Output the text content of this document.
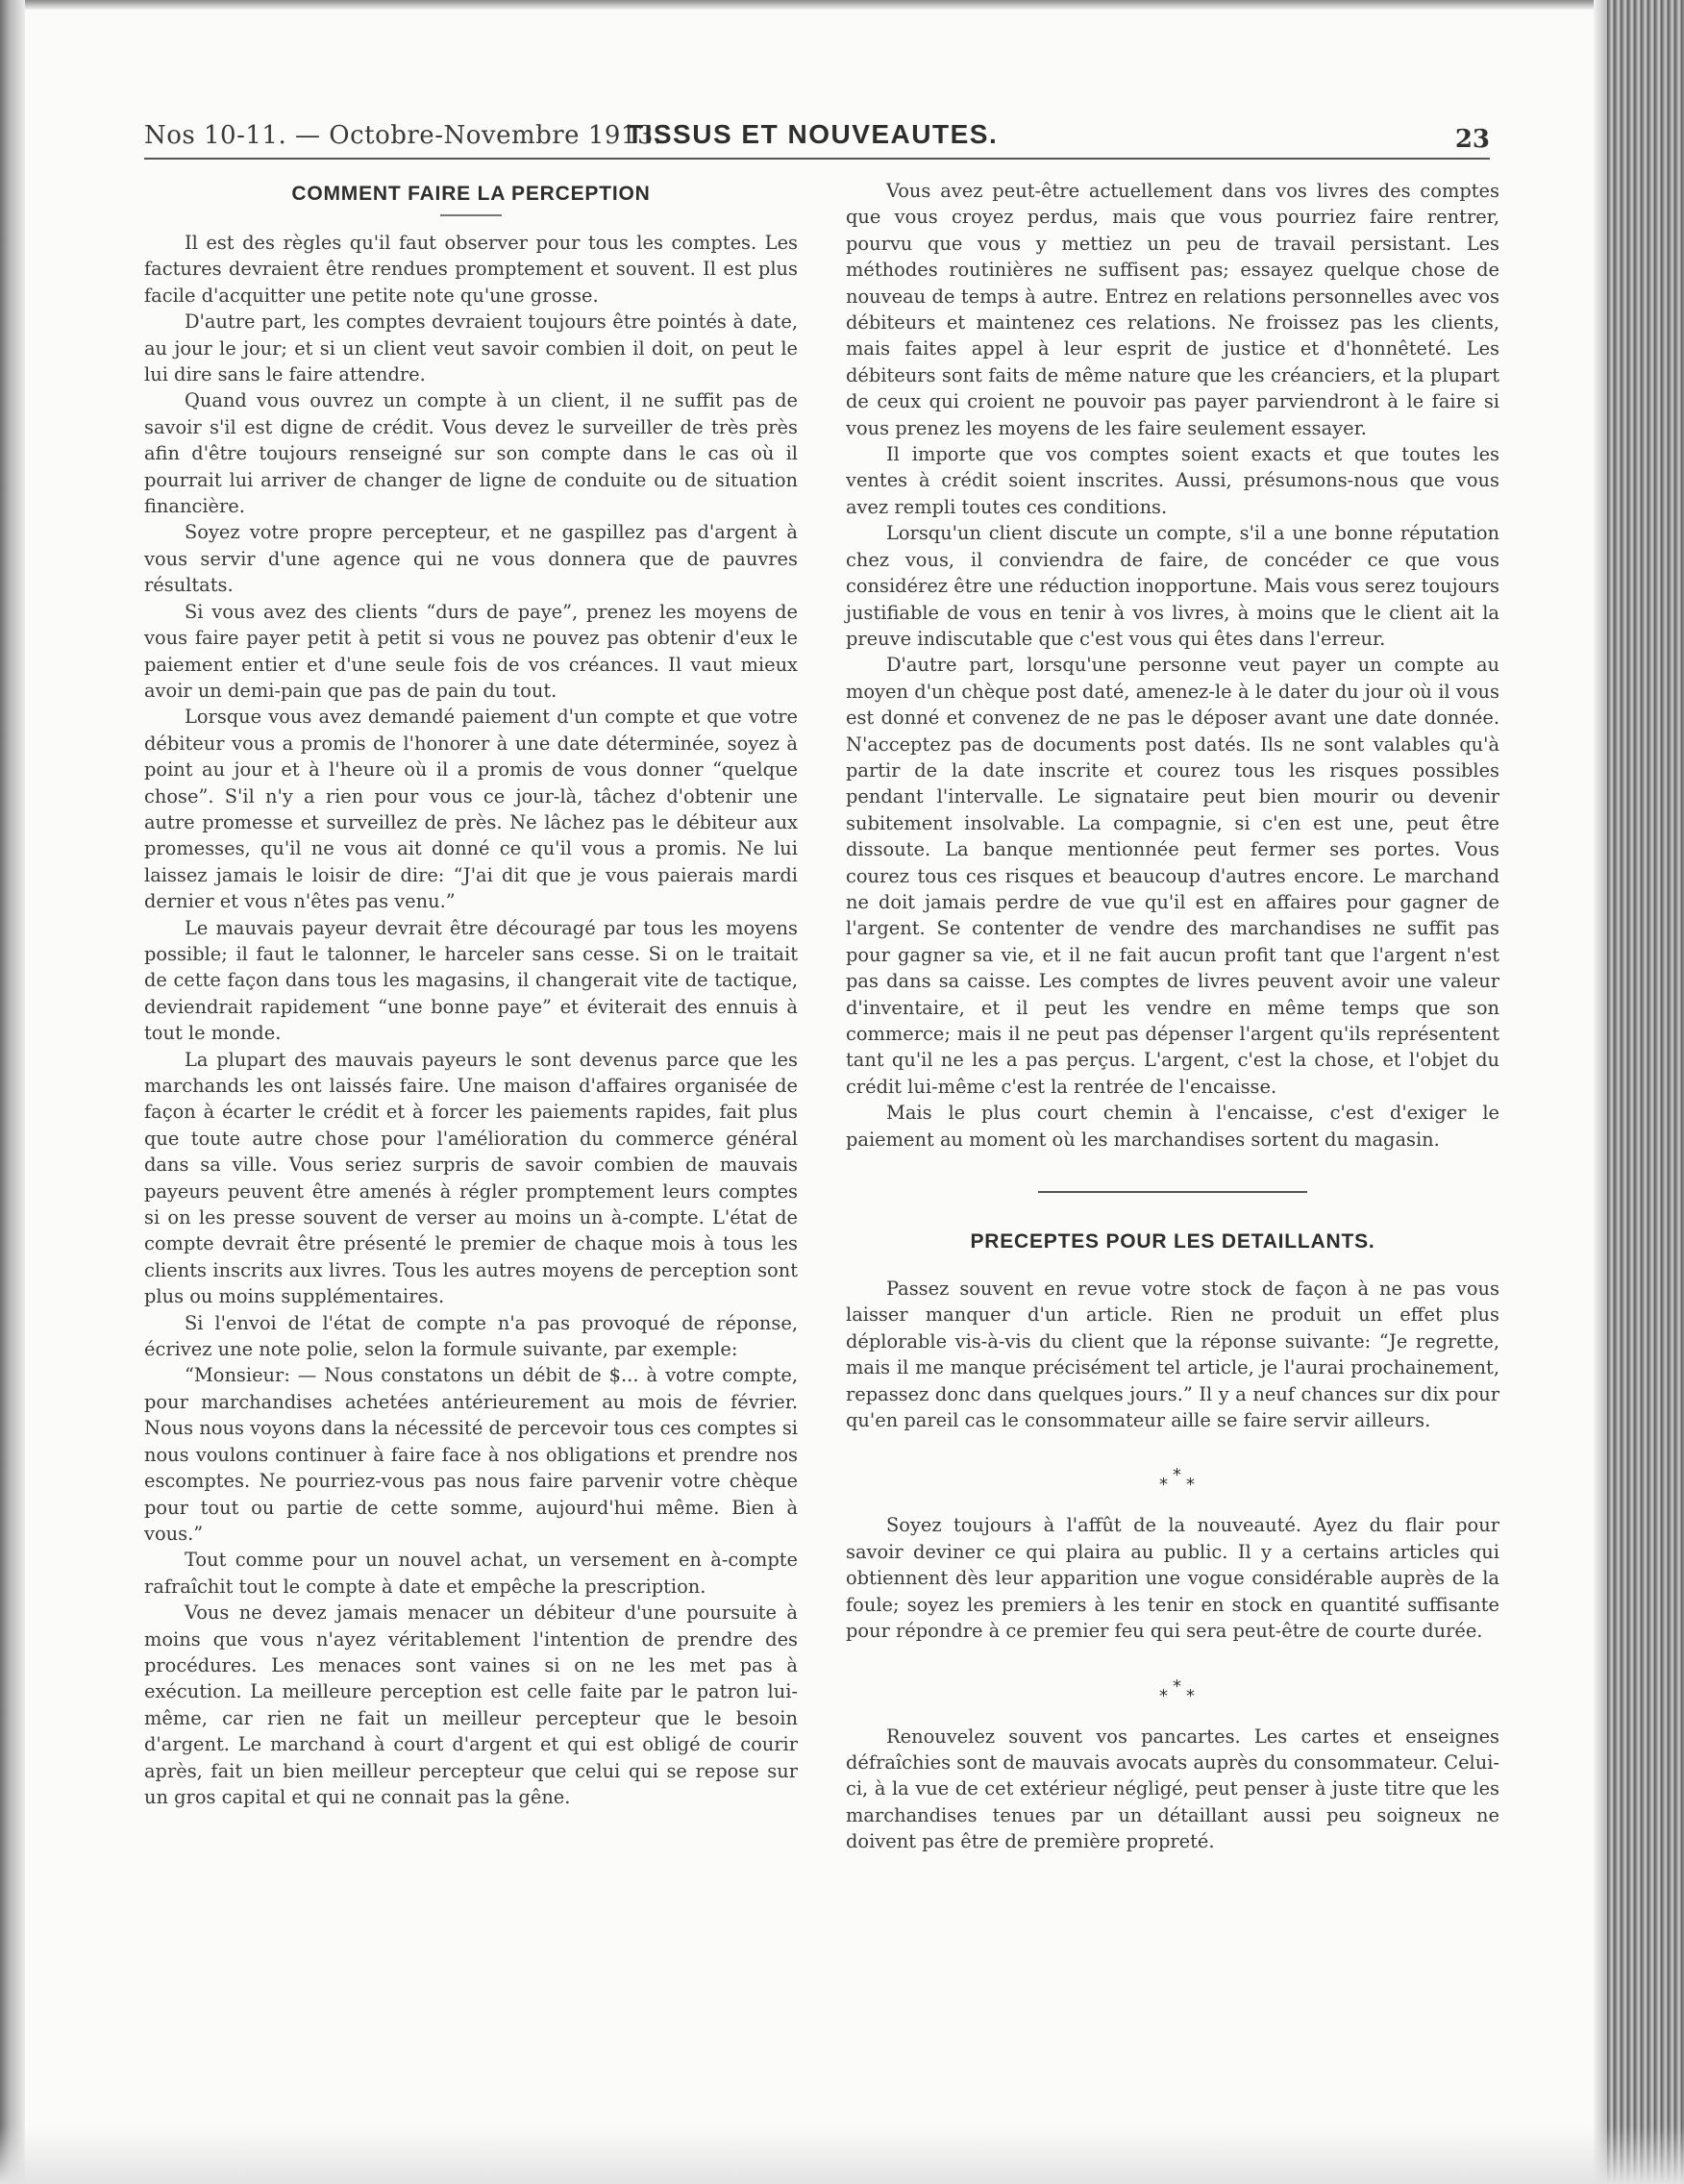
Nos 10-11. — Octobre-Novembre 1913.
TISSUS ET NOUVEAUTES.	23
COMMENT FAIRE LA PERCEPTION

Il est des règles qu'il faut observer pour tous les comptes. Les factures devraient être rendues promptement et souvent. Il est plus facile d'acquitter une petite note qu'une grosse.

D'autre part, les comptes devraient toujours être pointés à date, au jour le jour; et si un client veut savoir combien il doit, on peut le lui dire sans le faire attendre.

Quand vous ouvrez un compte à un client, il ne suffit pas de savoir s'il est digne de crédit. Vous devez le surveiller de très près afin d'être toujours renseigné sur son compte dans le cas où il pourrait lui arriver de changer de ligne de conduite ou de situation financière.

Soyez votre propre percepteur, et ne gaspillez pas d'argent à vous servir d'une agence qui ne vous donnera que de pauvres résultats.

Si vous avez des clients “durs de paye”, prenez les moyens de vous faire payer petit à petit si vous ne pouvez pas obtenir d'eux le paiement entier et d'une seule fois de vos créances. Il vaut mieux avoir un demi-pain que pas de pain du tout.

Lorsque vous avez demandé paiement d'un compte et que votre débiteur vous a promis de l'honorer à une date déterminée, soyez à point au jour et à l'heure où il a promis de vous donner “quelque chose”. S'il n'y a rien pour vous ce jour-là, tâchez d'obtenir une autre promesse et surveillez de près. Ne lâchez pas le débiteur aux promesses, qu'il ne vous ait donné ce qu'il vous a promis. Ne lui laissez jamais le loisir de dire: “J'ai dit que je vous paierais mardi dernier et vous n'êtes pas venu.”

Le mauvais payeur devrait être découragé par tous les moyens possible; il faut le talonner, le harceler sans cesse. Si on le traitait de cette façon dans tous les magasins, il changerait vite de tactique, deviendrait rapidement “une bonne paye” et éviterait des ennuis à tout le monde.

La plupart des mauvais payeurs le sont devenus parce que les marchands les ont laissés faire. Une maison d'affaires organisée de façon à écarter le crédit et à forcer les paiements rapides, fait plus que toute autre chose pour l'amélioration du commerce général dans sa ville. Vous seriez surpris de savoir combien de mauvais payeurs peuvent être amenés à régler promptement leurs comptes si on les presse souvent de verser au moins un à-compte. L'état de compte devrait être présenté le premier de chaque mois à tous les clients inscrits aux livres. Tous les autres moyens de perception sont plus ou moins supplémentaires.

Si l'envoi de l'état de compte n'a pas provoqué de réponse, écrivez une note polie, selon la formule suivante, par exemple:

“Monsieur: — Nous constatons un débit de $... à votre compte, pour marchandises achetées antérieurement au mois de février. Nous nous voyons dans la nécessité de percevoir tous ces comptes si nous voulons continuer à faire face à nos obligations et prendre nos escomptes. Ne pourriez-vous pas nous faire parvenir votre chèque pour tout ou partie de cette somme, aujourd'hui même. Bien à vous.”

Tout comme pour un nouvel achat, un versement en à-compte rafraîchit tout le compte à date et empêche la prescription.

Vous ne devez jamais menacer un débiteur d'une poursuite à moins que vous n'ayez véritablement l'intention de prendre des procédures. Les menaces sont vaines si on ne les met pas à exécution. La meilleure perception est celle faite par le patron lui-même, car rien ne fait un meilleur percepteur que le besoin d'argent. Le marchand à court d'argent et qui est obligé de courir après, fait un bien meilleur percepteur que celui qui se repose sur un gros capital et qui ne connait pas la gêne.

Vous avez peut-être actuellement dans vos livres des comptes que vous croyez perdus, mais que vous pourriez faire rentrer, pourvu que vous y mettiez un peu de travail persistant. Les méthodes routinières ne suffisent pas; essayez quelque chose de nouveau de temps à autre. Entrez en relations personnelles avec vos débiteurs et maintenez ces relations. Ne froissez pas les clients, mais faites appel à leur esprit de justice et d'honnêteté. Les débiteurs sont faits de même nature que les créanciers, et la plupart de ceux qui croient ne pouvoir pas payer parviendront à le faire si vous prenez les moyens de les faire seulement essayer.

Il importe que vos comptes soient exacts et que toutes les ventes à crédit soient inscrites. Aussi, présumons-nous que vous avez rempli toutes ces conditions.

Lorsqu'un client discute un compte, s'il a une bonne réputation chez vous, il conviendra de faire, de concéder ce que vous considérez être une réduction inopportune. Mais vous serez toujours justifiable de vous en tenir à vos livres, à moins que le client ait la preuve indiscutable que c'est vous qui êtes dans l'erreur.

D'autre part, lorsqu'une personne veut payer un compte au moyen d'un chèque post daté, amenez-le à le dater du jour où il vous est donné et convenez de ne pas le déposer avant une date donnée. N'acceptez pas de documents post datés. Ils ne sont valables qu'à partir de la date inscrite et courez tous les risques possibles pendant l'intervalle. Le signataire peut bien mourir ou devenir subitement insolvable. La compagnie, si c'en est une, peut être dissoute. La banque mentionnée peut fermer ses portes. Vous courez tous ces risques et beaucoup d'autres encore. Le marchand ne doit jamais perdre de vue qu'il est en affaires pour gagner de l'argent. Se contenter de vendre des marchandises ne suffit pas pour gagner sa vie, et il ne fait aucun profit tant que l'argent n'est pas dans sa caisse. Les comptes de livres peuvent avoir une valeur d'inventaire, et il peut les vendre en même temps que son commerce; mais il ne peut pas dépenser l'argent qu'ils représentent tant qu'il ne les a pas perçus. L'argent, c'est la chose, et l'objet du crédit lui-même c'est la rentrée de l'encaisse.

Mais le plus court chemin à l'encaisse, c'est d'exiger le paiement au moment où les marchandises sortent du magasin.

PRECEPTES POUR LES DETAILLANTS.

Passez souvent en revue votre stock de façon à ne pas vous laisser manquer d'un article. Rien ne produit un effet plus déplorable vis-à-vis du client que la réponse suivante: “Je regrette, mais il me manque précisément tel article, je l'aurai prochainement, repassez donc dans quelques jours.” Il y a neuf chances sur dix pour qu'en pareil cas le consommateur aille se faire servir ailleurs.

* * *

Soyez toujours à l'affût de la nouveauté. Ayez du flair pour savoir deviner ce qui plaira au public. Il y a certains articles qui obtiennent dès leur apparition une vogue considérable auprès de la foule; soyez les premiers à les tenir en stock en quantité suffisante pour répondre à ce premier feu qui sera peut-être de courte durée.

* * *

Renouvelez souvent vos pancartes. Les cartes et enseignes défraîchies sont de mauvais avocats auprès du consommateur. Celui-ci, à la vue de cet extérieur négligé, peut penser à juste titre que les marchandises tenues par un détaillant aussi peu soigneux ne doivent pas être de première propreté.
